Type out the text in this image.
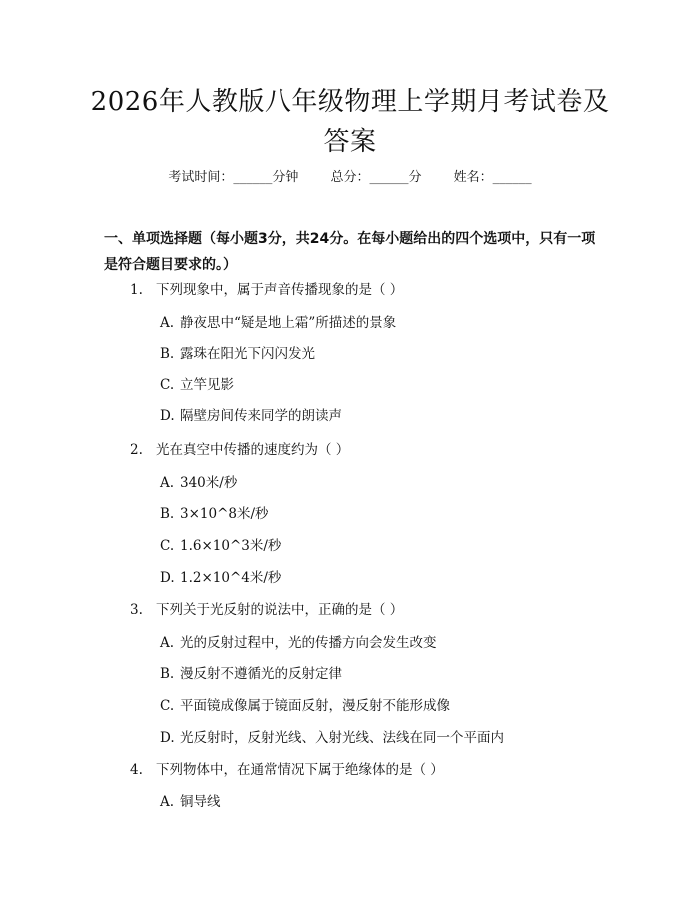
2026年人教版八年级物理上学期月考试卷及
答案
考试时间：______分钟 总分：______分 姓名：______
一、单项选择题（每小题3分，共24分。在每小题给出的四个选项中，只有一项
是符合题目要求的。）
1. 下列现象中，属于声音传播现象的是（ ）
A. 静夜思中“疑是地上霜”所描述的景象
B. 露珠在阳光下闪闪发光
C. 立竿见影
D. 隔壁房间传来同学的朗读声
2. 光在真空中传播的速度约为（ ）
A. 340米/秒
B. 3×10^8米/秒
C. 1.6×10^3米/秒
D. 1.2×10^4米/秒
3. 下列关于光反射的说法中，正确的是（ ）
A. 光的反射过程中，光的传播方向会发生改变
B. 漫反射不遵循光的反射定律
C. 平面镜成像属于镜面反射，漫反射不能形成像
D. 光反射时，反射光线、入射光线、法线在同一个平面内
4. 下列物体中，在通常情况下属于绝缘体的是（ ）
A. 铜导线
